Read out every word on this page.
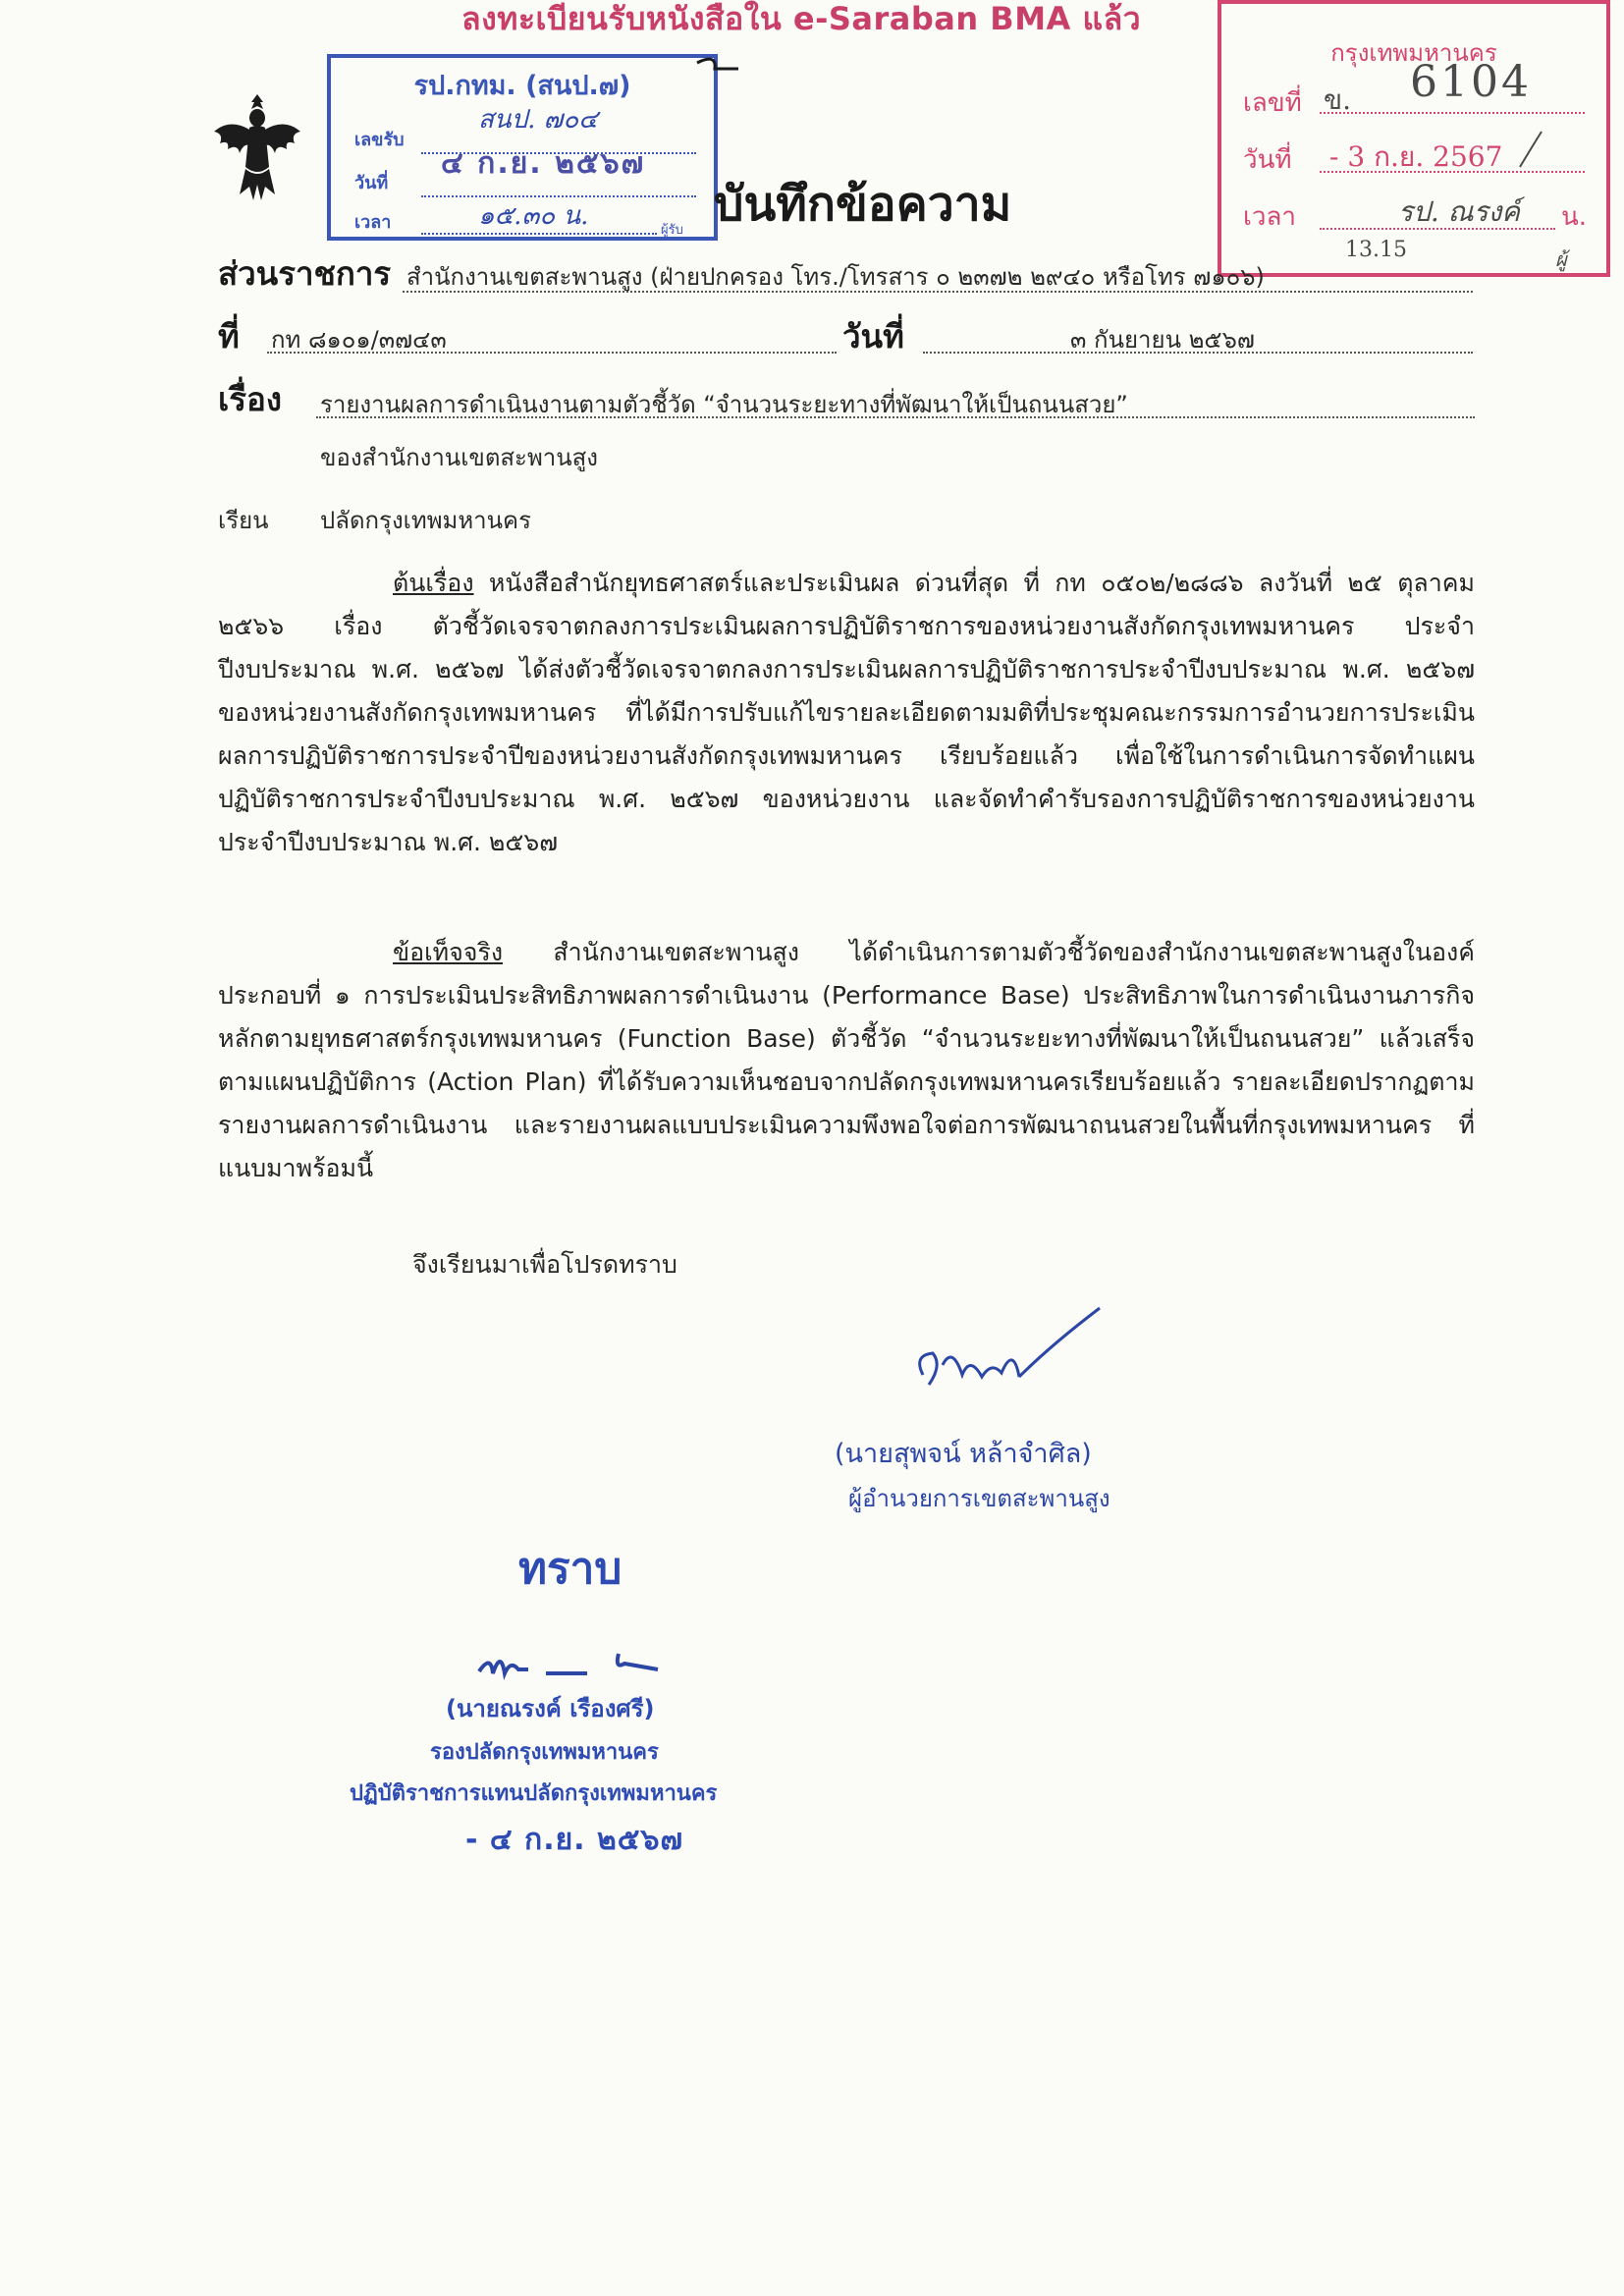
ลงทะเบียนรับหนังสือใน e-Saraban BMA แล้ว
รป.กทม. (สนป.๗)
เลขรับ
สนป. ๗๐๔
วันที่
๔ ก.ย. ๒๕๖๗
เวลา	๑๕.๓๐ น.	ผู้รับ
กรุงเทพมหานคร
เลขที่ ข. 6104
วันที่ - 3 ก.ย. 2567
เวลา	รป. ณรงค์ น.
13.15	ผู้
บันทึกข้อความ
ส่วนราชการ สำนักงานเขตสะพานสูง (ฝ่ายปกครอง โทร./โทรสาร ๐ ๒๓๗๒ ๒๙๔๐ หรือโทร ๗๑๐๖)
ที่ กท ๘๑๐๑/๓๗๔๓	วันที่	๓ กันยายน ๒๕๖๗
เรื่อง รายงานผลการดำเนินงานตามตัวชี้วัด “จำนวนระยะทางที่พัฒนาให้เป็นถนนสวย”
ของสำนักงานเขตสะพานสูง
เรียน ปลัดกรุงเทพมหานคร

ต้นเรื่อง หนังสือสำนักยุทธศาสตร์และประเมินผล ด่วนที่สุด ที่ กท ๐๕๐๒/๒๘๘๖ ลงวันที่ ๒๕ ตุลาคม ๒๕๖๖ เรื่อง ตัวชี้วัดเจรจาตกลงการประเมินผลการปฏิบัติราชการของหน่วยงานสังกัดกรุงเทพมหานคร ประจำปีงบประมาณ พ.ศ. ๒๕๖๗ ได้ส่งตัวชี้วัดเจรจาตกลงการประเมินผลการปฏิบัติราชการประจำปีงบประมาณ พ.ศ. ๒๕๖๗ ของหน่วยงานสังกัดกรุงเทพมหานคร ที่ได้มีการปรับแก้ไขรายละเอียดตามมติที่ประชุมคณะกรรมการอำนวยการประเมินผลการปฏิบัติราชการประจำปีของหน่วยงานสังกัดกรุงเทพมหานคร เรียบร้อยแล้ว เพื่อใช้ในการดำเนินการจัดทำแผนปฏิบัติราชการประจำปีงบประมาณ พ.ศ. ๒๕๖๗ ของหน่วยงาน และจัดทำคำรับรองการปฏิบัติราชการของหน่วยงานประจำปีงบประมาณ พ.ศ. ๒๕๖๗

ข้อเท็จจริง สำนักงานเขตสะพานสูง ได้ดำเนินการตามตัวชี้วัดของสำนักงานเขตสะพานสูงในองค์ประกอบที่ ๑ การประเมินประสิทธิภาพผลการดำเนินงาน (Performance Base) ประสิทธิภาพในการดำเนินงานภารกิจหลักตามยุทธศาสตร์กรุงเทพมหานคร (Function Base) ตัวชี้วัด “จำนวนระยะทางที่พัฒนาให้เป็นถนนสวย” แล้วเสร็จตามแผนปฏิบัติการ (Action Plan) ที่ได้รับความเห็นชอบจากปลัดกรุงเทพมหานครเรียบร้อยแล้ว รายละเอียดปรากฏตามรายงานผลการดำเนินงาน และรายงานผลแบบประเมินความพึงพอใจต่อการพัฒนาถนนสวยในพื้นที่กรุงเทพมหานคร ที่แนบมาพร้อมนี้

จึงเรียนมาเพื่อโปรดทราบ
(นายสุพจน์ หล้าจำศิล)
ผู้อำนวยการเขตสะพานสูง
ทราบ
(นายณรงค์ เรืองศรี)
รองปลัดกรุงเทพมหานคร
ปฏิบัติราชการแทนปลัดกรุงเทพมหานคร
- ๔ ก.ย. ๒๕๖๗
